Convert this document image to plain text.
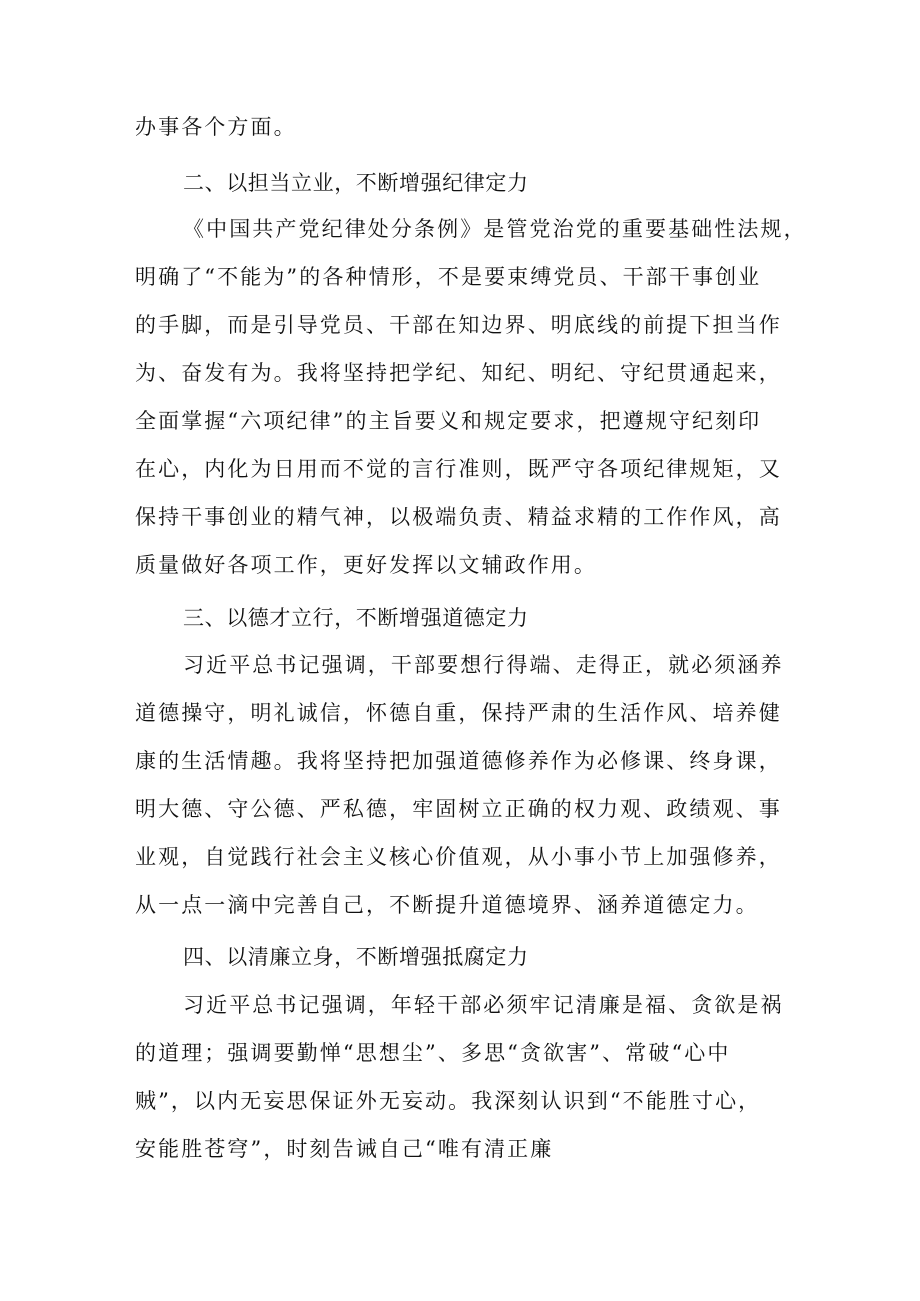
办事各个方面。
二、以担当立业，不断增强纪律定力
《中国共产党纪律处分条例》是管党治党的重要基础性法规，
明确了“不能为”的各种情形，不是要束缚党员、干部干事创业
的手脚，而是引导党员、干部在知边界、明底线的前提下担当作
为、奋发有为。我将坚持把学纪、知纪、明纪、守纪贯通起来，
全面掌握“六项纪律”的主旨要义和规定要求，把遵规守纪刻印
在心，内化为日用而不觉的言行准则，既严守各项纪律规矩，又
保持干事创业的精气神，以极端负责、精益求精的工作作风，高
质量做好各项工作，更好发挥以文辅政作用。
三、以德才立行，不断增强道德定力
习近平总书记强调，干部要想行得端、走得正，就必须涵养
道德操守，明礼诚信，怀德自重，保持严肃的生活作风、培养健
康的生活情趣。我将坚持把加强道德修养作为必修课、终身课，
明大德、守公德、严私德，牢固树立正确的权力观、政绩观、事
业观，自觉践行社会主义核心价值观，从小事小节上加强修养，
从一点一滴中完善自己，不断提升道德境界、涵养道德定力。
四、以清廉立身，不断增强抵腐定力
习近平总书记强调，年轻干部必须牢记清廉是福、贪欲是祸
的道理；强调要勤惮“思想尘”、多思“贪欲害”、常破“心中
贼”，以内无妄思保证外无妄动。我深刻认识到“不能胜寸心，
安能胜苍穹”，时刻告诫自己“唯有清正廉
